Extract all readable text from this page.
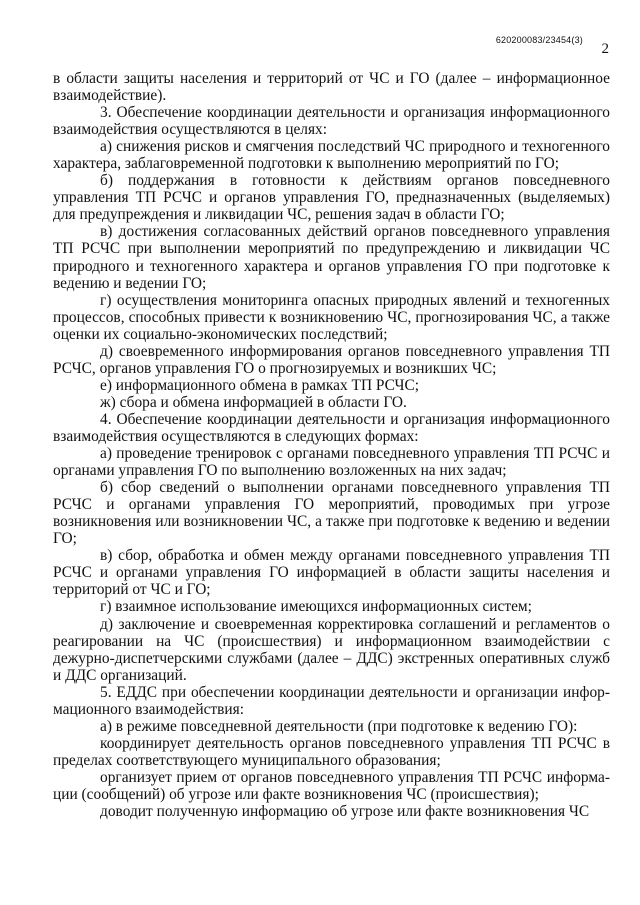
620200083/23454(3)
2

в области защиты населения и территорий от ЧС и ГО (далее – информационное взаимодействие).

3. Обеспечение координации деятельности и организация информационного взаимодействия осуществляются в целях:

а) снижения рисков и смягчения последствий ЧС природного и техногенного характера, заблаговременной подготовки к выполнению мероприятий по ГО;

б) поддержания в готовности к действиям органов повседневного управления ТП РСЧС и органов управления ГО, предназначенных (выделяемых) для предупреждения и ликвидации ЧС, решения задач в области ГО;

в) достижения согласованных действий органов повседневного управления ТП РСЧС при выполнении мероприятий по предупреждению и ликвидации ЧС природного и техногенного характера и органов управления ГО при подготовке к ведению и ведении ГО;

г) осуществления мониторинга опасных природных явлений и техногенных процессов, способных привести к возникновению ЧС, прогнозирования ЧС, а также оценки их социально-экономических последствий;

д) своевременного информирования органов повседневного управления ТП РСЧС, органов управления ГО о прогнозируемых и возникших ЧС;

е) информационного обмена в рамках ТП РСЧС;

ж) сбора и обмена информацией в области ГО.

4. Обеспечение координации деятельности и организация информационного взаимодействия осуществляются в следующих формах:

а) проведение тренировок с органами повседневного управления ТП РСЧС и органами управления ГО по выполнению возложенных на них задач;

б) сбор сведений о выполнении органами повседневного управления ТП РСЧС и органами управления ГО мероприятий, проводимых при угрозе возникновения или возникновении ЧС, а также при подготовке к ведению и ведении ГО;

в) сбор, обработка и обмен между органами повседневного управления ТП РСЧС и органами управления ГО информацией в области защиты населения и территорий от ЧС и ГО;

г) взаимное использование имеющихся информационных систем;

д) заключение и своевременная корректировка соглашений и регламентов о реагировании на ЧС (происшествия) и информационном взаимодействии с дежурно-диспетчерскими службами (далее – ДДС) экстренных оперативных служб и ДДС организаций.

5. ЕДДС при обеспечении координации деятельности и организации информационного взаимодействия:

а) в режиме повседневной деятельности (при подготовке к ведению ГО):

координирует деятельность органов повседневного управления ТП РСЧС в пределах соответствующего муниципального образования;

организует прием от органов повседневного управления ТП РСЧС информации (сообщений) об угрозе или факте возникновения ЧС (происшествия);

доводит полученную информацию об угрозе или факте возникновения ЧС
